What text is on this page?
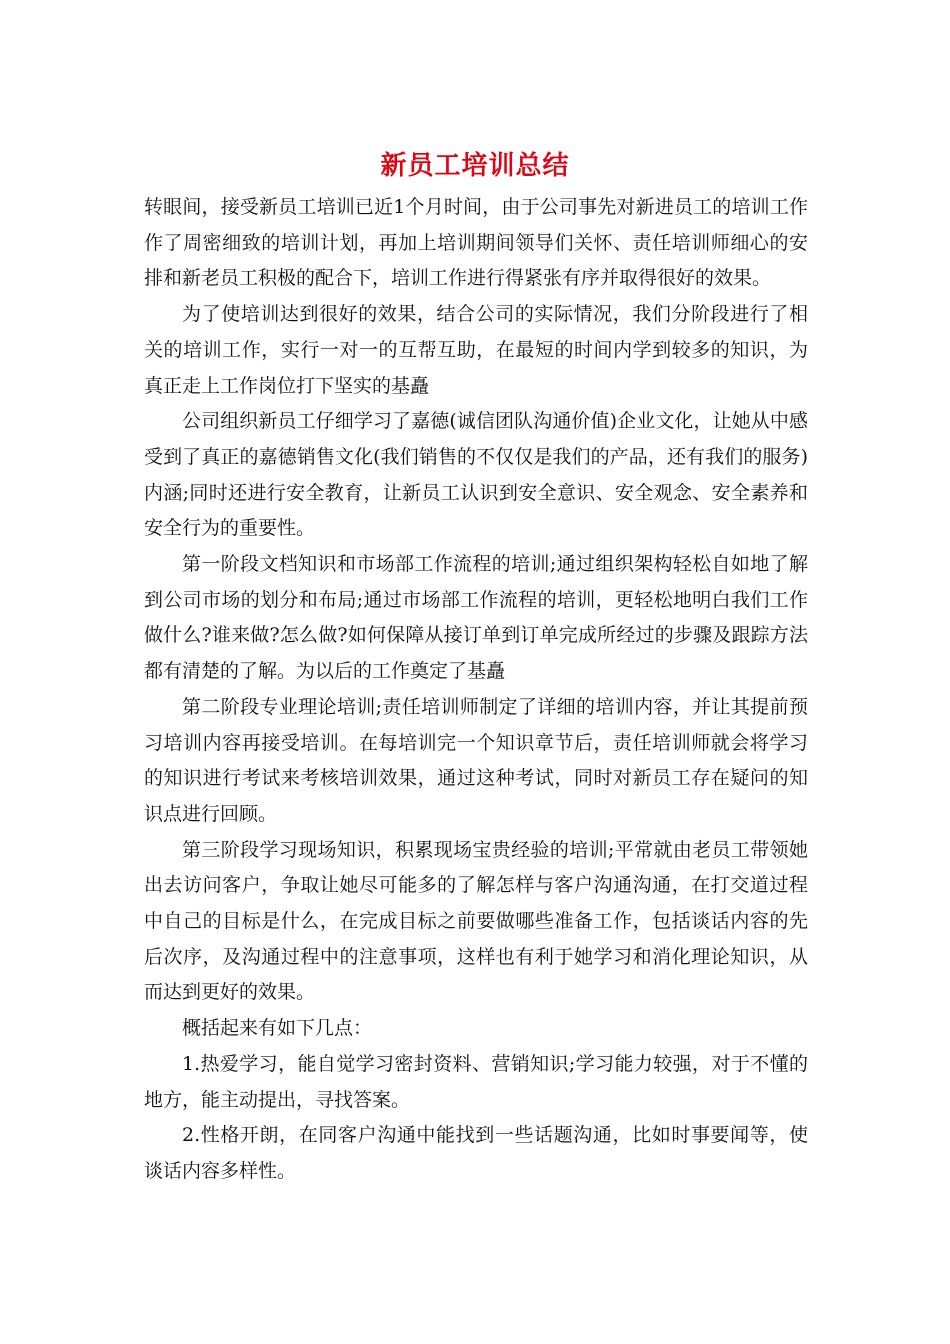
新员工培训总结

转眼间，接受新员工培训已近1个月时间，由于公司事先对新进员工的培训工作作了周密细致的培训计划，再加上培训期间领导们关怀、责任培训师细心的安排和新老员工积极的配合下，培训工作进行得紧张有序并取得很好的效果。

为了使培训达到很好的效果，结合公司的实际情况，我们分阶段进行了相关的培训工作，实行一对一的互帮互助，在最短的时间内学到较多的知识，为真正走上工作岗位打下坚实的基矗

公司组织新员工仔细学习了嘉德(诚信团队沟通价值)企业文化，让她从中感受到了真正的嘉德销售文化(我们销售的不仅仅是我们的产品，还有我们的服务)内涵;同时还进行安全教育，让新员工认识到安全意识、安全观念、安全素养和安全行为的重要性。

第一阶段文档知识和市场部工作流程的培训;通过组织架构轻松自如地了解到公司市场的划分和布局;通过市场部工作流程的培训，更轻松地明白我们工作做什么?谁来做?怎么做?如何保障从接订单到订单完成所经过的步骤及跟踪方法都有清楚的了解。为以后的工作奠定了基矗

第二阶段专业理论培训;责任培训师制定了详细的培训内容，并让其提前预习培训内容再接受培训。在每培训完一个知识章节后，责任培训师就会将学习的知识进行考试来考核培训效果，通过这种考试，同时对新员工存在疑问的知识点进行回顾。

第三阶段学习现场知识，积累现场宝贵经验的培训;平常就由老员工带领她出去访问客户，争取让她尽可能多的了解怎样与客户沟通沟通，在打交道过程中自己的目标是什么，在完成目标之前要做哪些准备工作，包括谈话内容的先后次序，及沟通过程中的注意事项，这样也有利于她学习和消化理论知识，从而达到更好的效果。

概括起来有如下几点：

1.热爱学习，能自觉学习密封资料、营销知识;学习能力较强，对于不懂的地方，能主动提出，寻找答案。

2.性格开朗，在同客户沟通中能找到一些话题沟通，比如时事要闻等，使谈话内容多样性。
